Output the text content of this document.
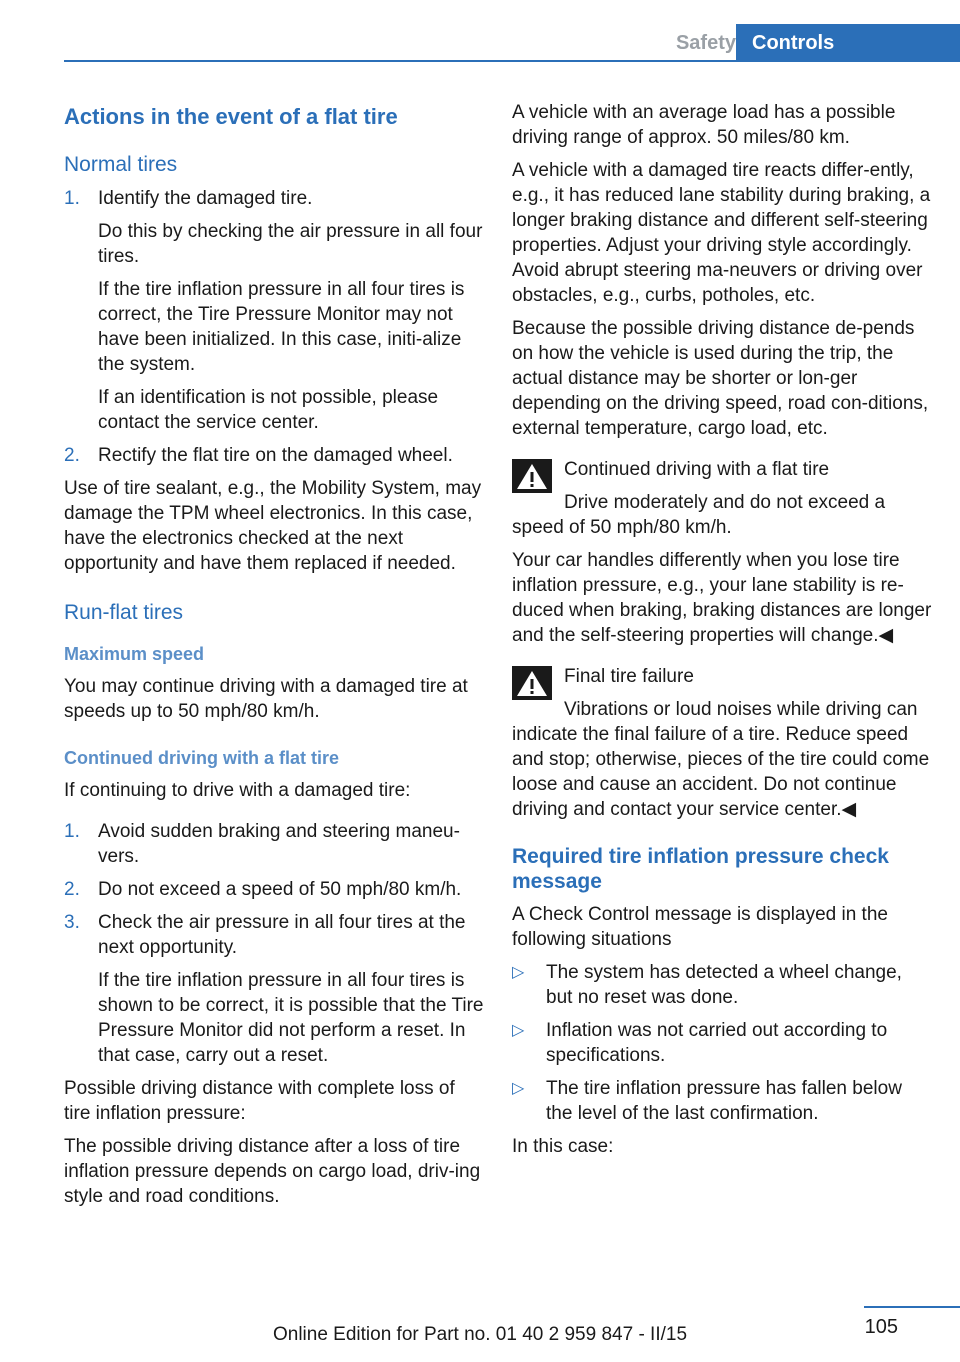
Safety Controls
Actions in the event of a flat tire
Normal tires
1. Identify the damaged tire.

Do this by checking the air pressure in all four tires.

If the tire inflation pressure in all four tires is correct, the Tire Pressure Monitor may not have been initialized. In this case, initi-alize the system.

If an identification is not possible, please contact the service center.

2. Rectify the flat tire on the damaged wheel.

Use of tire sealant, e.g., the Mobility System, may damage the TPM wheel electronics. In this case, have the electronics checked at the next opportunity and have them replaced if needed.

Run-flat tires
Maximum speed

You may continue driving with a damaged tire at speeds up to 50 mph/80 km/h.

Continued driving with a flat tire

If continuing to drive with a damaged tire:

1. Avoid sudden braking and steering maneu-vers.

2. Do not exceed a speed of 50 mph/80 km/h.

3. Check the air pressure in all four tires at the next opportunity.

If the tire inflation pressure in all four tires is shown to be correct, it is possible that the Tire Pressure Monitor did not perform a reset. In that case, carry out a reset.

Possible driving distance with complete loss of tire inflation pressure:

The possible driving distance after a loss of tire inflation pressure depends on cargo load, driv-ing style and road conditions.

A vehicle with an average load has a possible driving range of approx. 50 miles/80 km.

A vehicle with a damaged tire reacts differ-ently, e.g., it has reduced lane stability during braking, a longer braking distance and different self-steering properties. Adjust your driving style accordingly. Avoid abrupt steering ma-neuvers or driving over obstacles, e.g., curbs, potholes, etc.

Because the possible driving distance de-pends on how the vehicle is used during the trip, the actual distance may be shorter or lon-ger depending on the driving speed, road con-ditions, external temperature, cargo load, etc.

Continued driving with a flat tire

Drive moderately and do not exceed a speed of 50 mph/80 km/h.

Your car handles differently when you lose tire inflation pressure, e.g., your lane stability is re-duced when braking, braking distances are longer and the self-steering properties will change.◀

Final tire failure

Vibrations or loud noises while driving can indicate the final failure of a tire. Reduce speed and stop; otherwise, pieces of the tire could come loose and cause an accident. Do not continue driving and contact your service center.◀

Required tire inflation pressure check message

A Check Control message is displayed in the following situations

▷ The system has detected a wheel change, but no reset was done.

▷ Inflation was not carried out according to specifications.

▷ The tire inflation pressure has fallen below the level of the last confirmation.

In this case:

105
Online Edition for Part no. 01 40 2 959 847 - II/15
